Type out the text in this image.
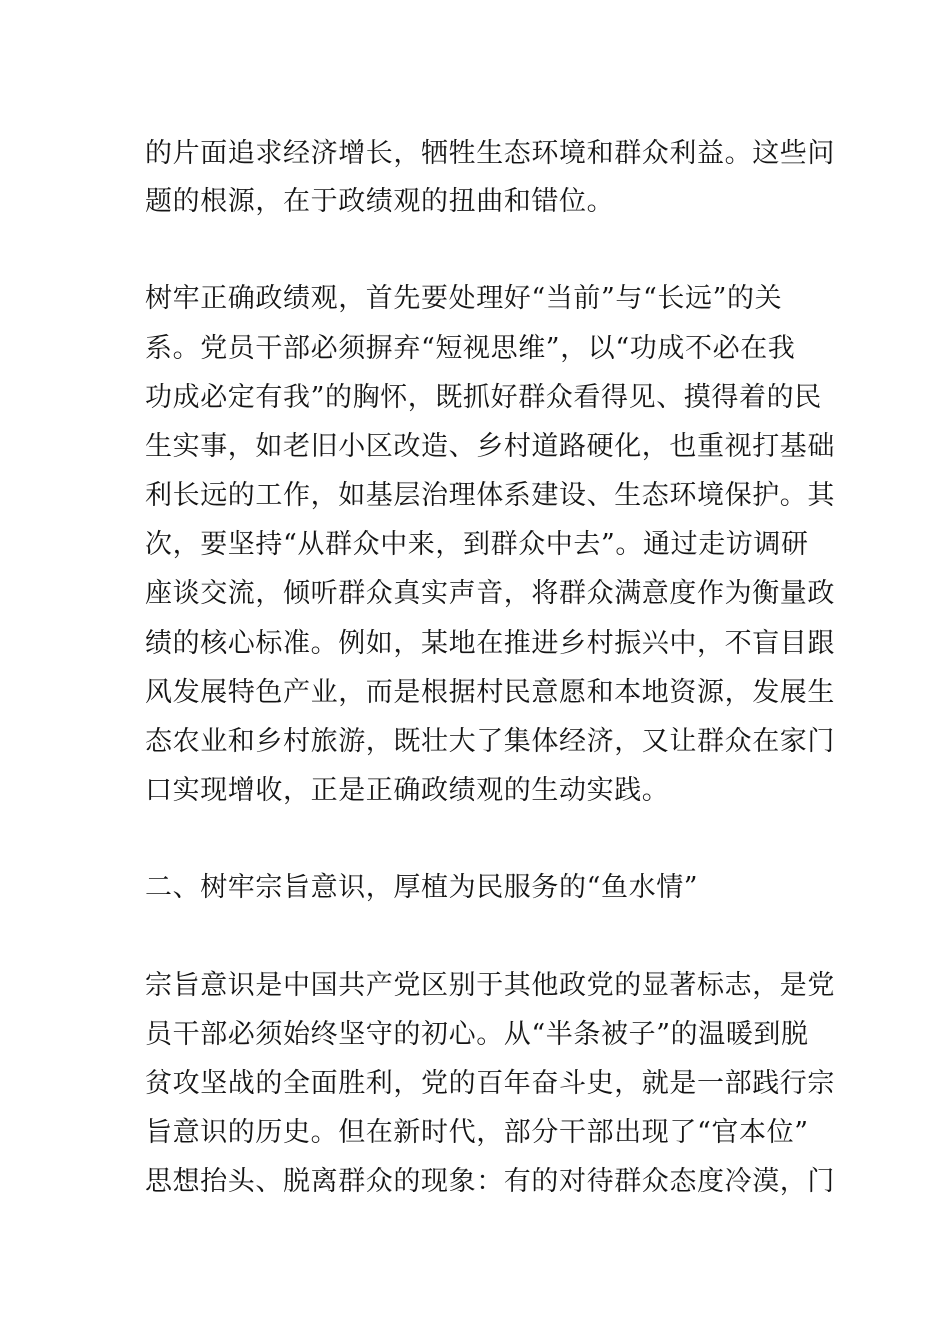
的片面追求经济增长，牺牲生态环境和群众利益。这些问
题的根源，在于政绩观的扭曲和错位。
树牢正确政绩观，首先要处理好“当前”与“长远”的关
系。党员干部必须摒弃“短视思维”，以“功成不必在我
功成必定有我”的胸怀，既抓好群众看得见、摸得着的民
生实事，如老旧小区改造、乡村道路硬化，也重视打基础
利长远的工作，如基层治理体系建设、生态环境保护。其
次，要坚持“从群众中来，到群众中去”。通过走访调研
座谈交流，倾听群众真实声音，将群众满意度作为衡量政
绩的核心标准。例如，某地在推进乡村振兴中，不盲目跟
风发展特色产业，而是根据村民意愿和本地资源，发展生
态农业和乡村旅游，既壮大了集体经济，又让群众在家门
口实现增收，正是正确政绩观的生动实践。
二、树牢宗旨意识，厚植为民服务的“鱼水情”
宗旨意识是中国共产党区别于其他政党的显著标志，是党
员干部必须始终坚守的初心。从“半条被子”的温暖到脱
贫攻坚战的全面胜利，党的百年奋斗史，就是一部践行宗
旨意识的历史。但在新时代，部分干部出现了“官本位”
思想抬头、脱离群众的现象：有的对待群众态度冷漠，门
